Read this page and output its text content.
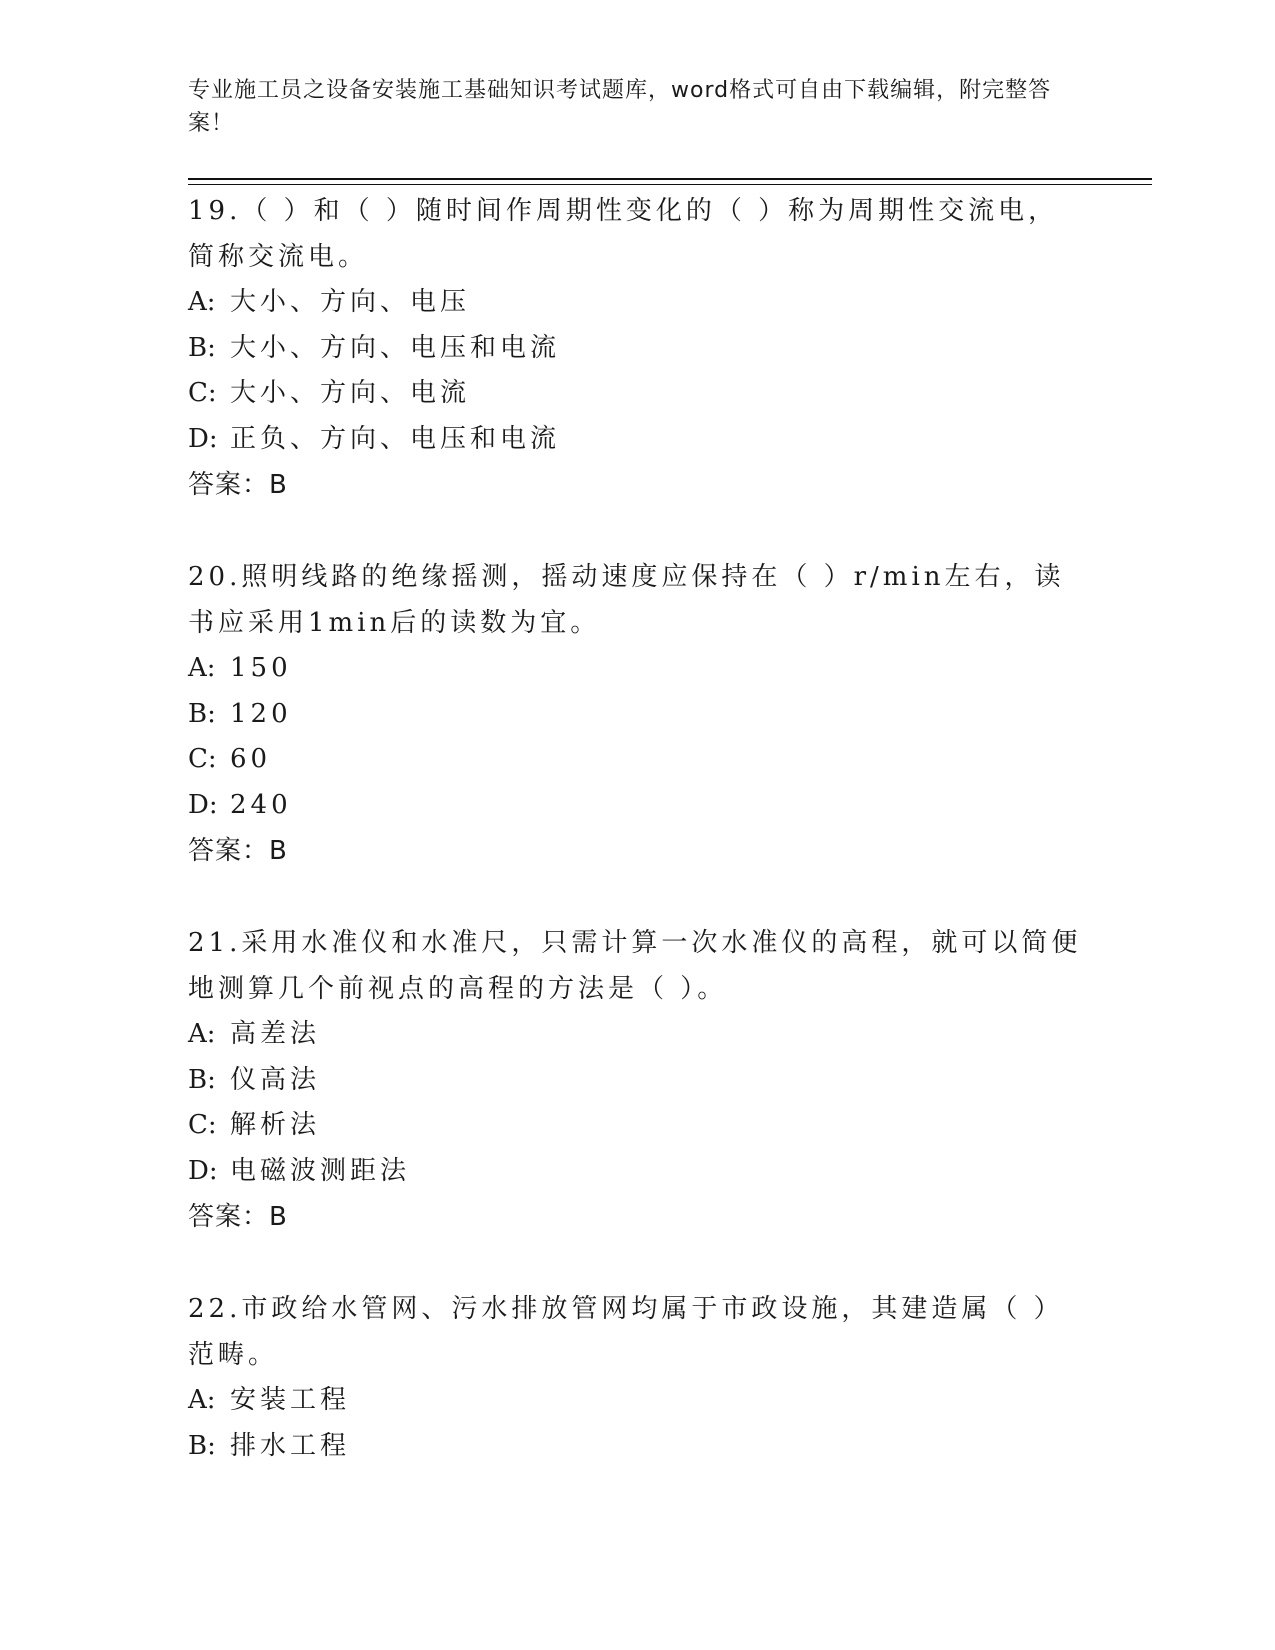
专业施工员之设备安装施工基础知识考试题库，word格式可自由下载编辑，附完整答案！

19.（ ）和（ ）随时间作周期性变化的（ ）称为周期性交流电，简称交流电。

A: 大小、方向、电压
B: 大小、方向、电压和电流
C: 大小、方向、电流
D: 正负、方向、电压和电流
答案：B

20.照明线路的绝缘摇测，摇动速度应保持在（ ）r/min左右，读书应采用1min后的读数为宜。

A: 150
B: 120
C: 60
D: 240
答案：B

21.采用水准仪和水准尺，只需计算一次水准仪的高程，就可以简便地测算几个前视点的高程的方法是（ ）。

A: 高差法
B: 仪高法
C: 解析法
D: 电磁波测距法
答案：B

22.市政给水管网、污水排放管网均属于市政设施，其建造属（ ）范畴。

A: 安装工程
B: 排水工程
